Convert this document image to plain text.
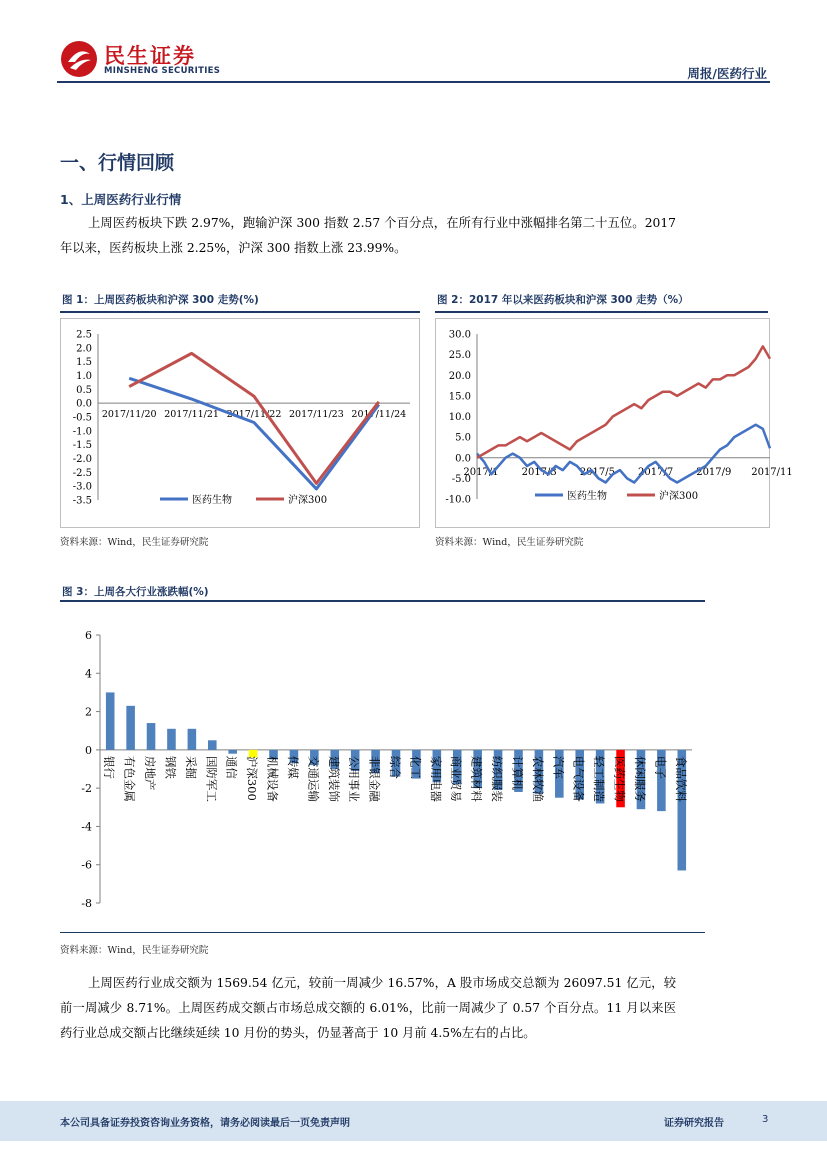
民生证券
MINSHENG SECURITIES	周报/医药行业
一、行情回顾
1、上周医药行业行情
上周医药板块下跌 2.97%，跑输沪深 300 指数 2.57 个百分点，在所有行业中涨幅排名第二十五位。2017 年以来，医药板块上涨 2.25%，沪深 300 指数上涨 23.99%。
图 1：上周医药板块和沪深 300 走势(%)
2.5
2.0
1.5
1.0
0.5
0.0
-0.5
-1.0
-1.5
-2.0
-2.5
-3.0
-3.5
2017/11/20 2017/11/21 2017/11/22 2017/11/23 2017/11/24
医药生物	沪深300
资料来源：Wind，民生证券研究院
图 2：2017 年以来医药板块和沪深 300 走势（%）
30.0
25.0
20.0
15.0
10.0
5.0
0.0
-5.0
-10.0
2017/1 2017/3 2017/5 2017/7 2017/9 2017/11
医药生物	沪深300
资料来源：Wind，民生证券研究院
图 3：上周各大行业涨跌幅(%)
6
4
2
0
-2
-4
-6
-8
银行 有色金属 房地产 钢铁 采掘 国防军工 通信 沪深300 机械设备 传媒 交通运输 建筑装饰 公用事业 非银金融 综合 化工 家用电器 商业贸易 建筑材料 纺织服装 计算机 农林牧渔 汽车 电气设备 轻工制造 医药生物 休闲服务 电子 食品饮料
资料来源：Wind，民生证券研究院
上周医药行业成交额为 1569.54 亿元，较前一周减少 16.57%，A 股市场成交总额为 26097.51 亿元，较前一周减少 8.71%。上周医药成交额占市场总成交额的 6.01%，比前一周减少了 0.57 个百分点。11 月以来医药行业总成交额占比继续延续 10 月份的势头，仍显著高于 10 月前 4.5%左右的占比。
本公司具备证券投资咨询业务资格，请务必阅读最后一页免责声明	证券研究报告	3
